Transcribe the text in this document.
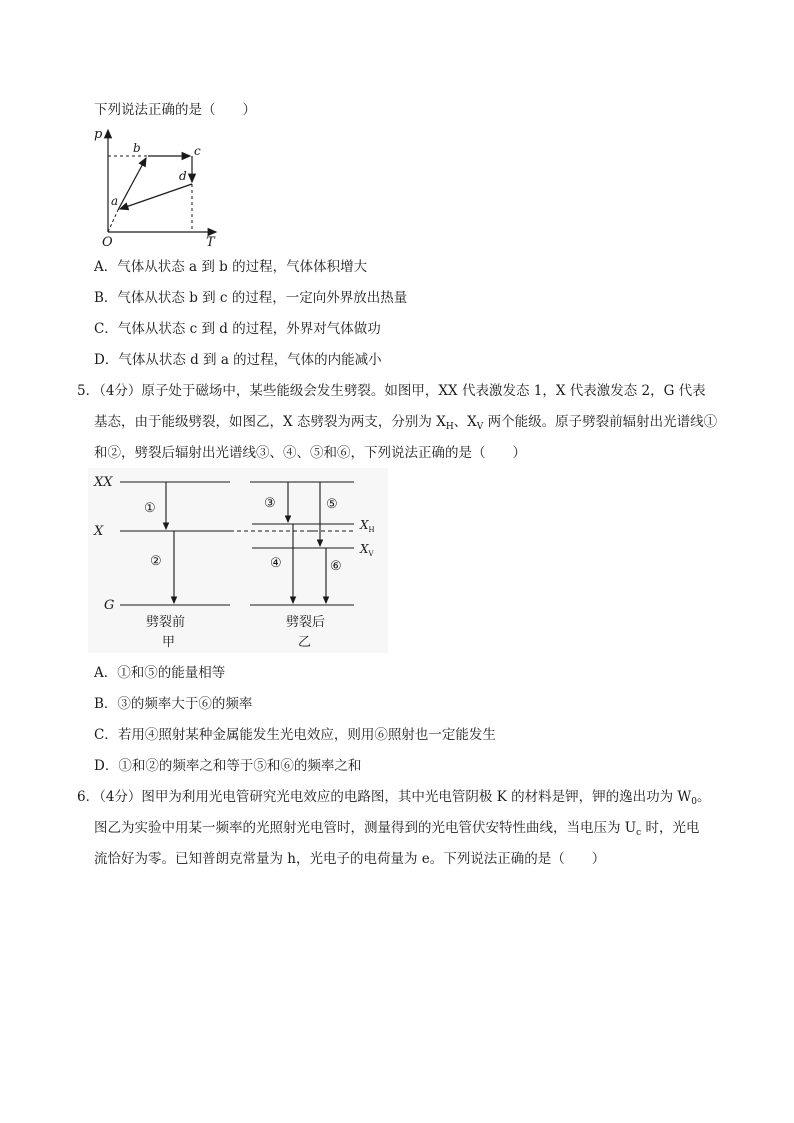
下列说法正确的是（　　）
p
T
O
a
b	c
d
A．气体从状态 a 到 b 的过程，气体体积增大
B．气体从状态 b 到 c 的过程，一定向外界放出热量
C．气体从状态 c 到 d 的过程，外界对气体做功
D．气体从状态 d 到 a 的过程，气体的内能减小
5．（4分）原子处于磁场中，某些能级会发生劈裂。如图甲，XX 代表激发态 1，X 代表激发态 2，G 代表
基态，由于能级劈裂，如图乙，X 态劈裂为两支，分别为 $X_H$、$X_V$ 两个能级。原子劈裂前辐射出光谱线①
和②，劈裂后辐射出光谱线③、④、⑤和⑥，下列说法正确的是（　　）
XX
X
G
①
②
劈裂前
甲
$X_H$
$X_V$
③	⑤
④	⑥
劈裂后
乙
A．①和⑤的能量相等
B．③的频率大于⑥的频率
C．若用④照射某种金属能发生光电效应，则用⑥照射也一定能发生
D．①和②的频率之和等于⑤和⑥的频率之和
6．（4分）图甲为利用光电管研究光电效应的电路图，其中光电管阴极 K 的材料是钾，钾的逸出功为 $W_0$。
图乙为实验中用某一频率的光照射光电管时，测量得到的光电管伏安特性曲线，当电压为 $U_c$ 时，光电
流恰好为零。已知普朗克常量为 h，光电子的电荷量为 e。下列说法正确的是（　　）
